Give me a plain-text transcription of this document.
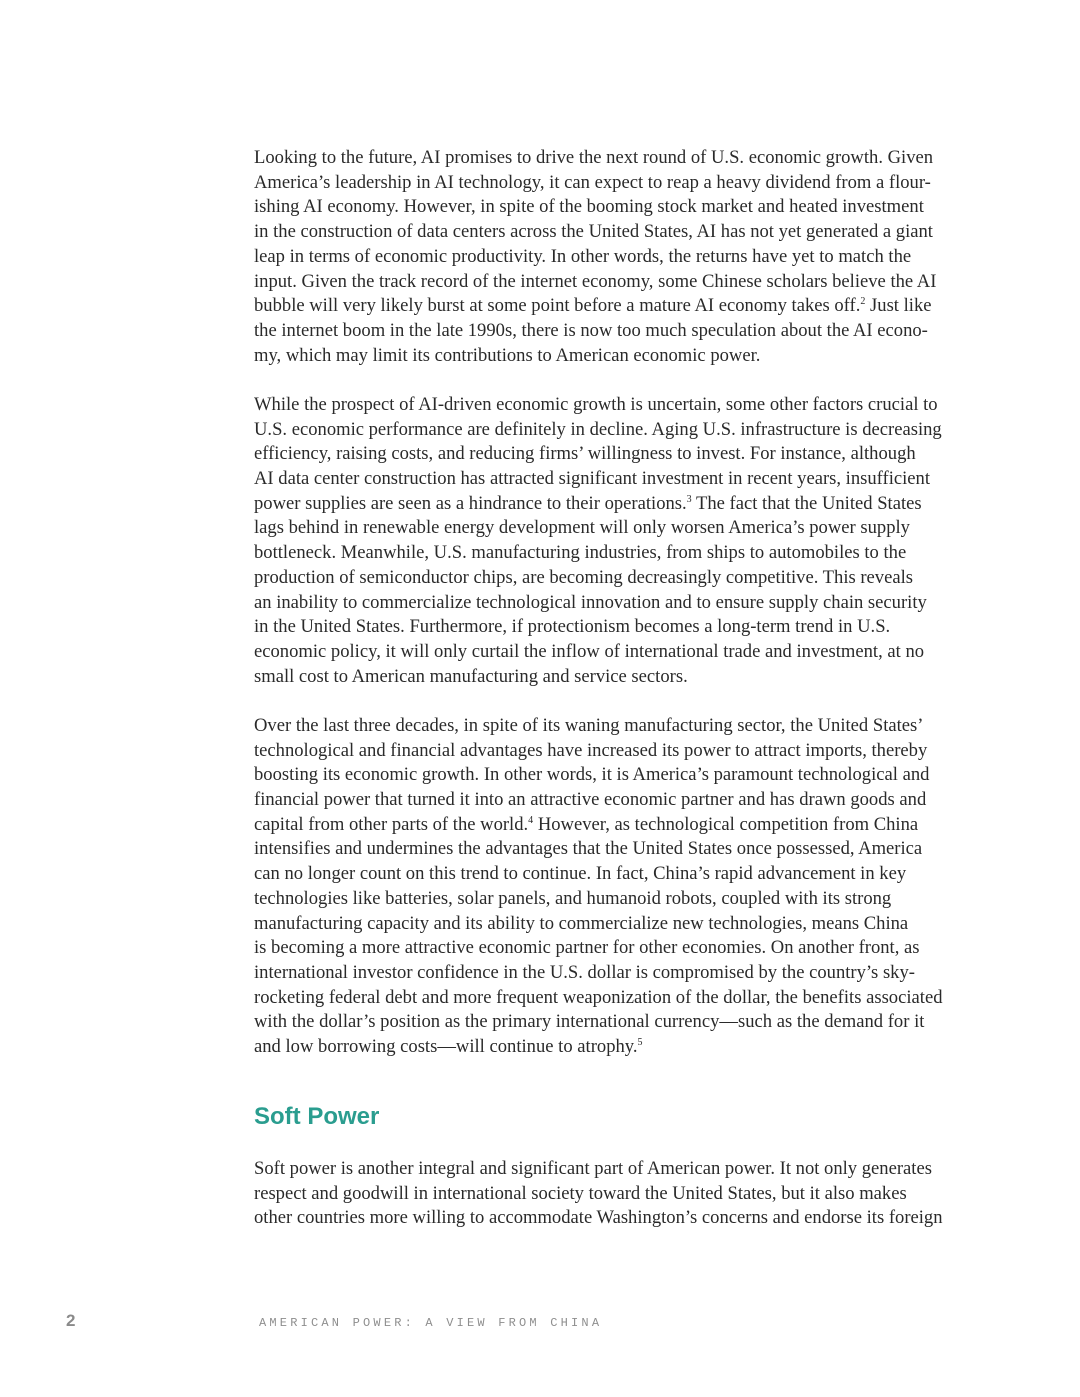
Looking to the future, AI promises to drive the next round of U.S. economic growth. Given
America’s leadership in AI technology, it can expect to reap a heavy dividend from a flour-
ishing AI economy. However, in spite of the booming stock market and heated investment
in the construction of data centers across the United States, AI has not yet generated a giant
leap in terms of economic productivity. In other words, the returns have yet to match the
input. Given the track record of the internet economy, some Chinese scholars believe the AI
bubble will very likely burst at some point before a mature AI economy takes off.$^2$ Just like
the internet boom in the late 1990s, there is now too much speculation about the AI econo-
my, which may limit its contributions to American economic power.

While the prospect of AI-driven economic growth is uncertain, some other factors crucial to
U.S. economic performance are definitely in decline. Aging U.S. infrastructure is decreasing
efficiency, raising costs, and reducing firms’ willingness to invest. For instance, although
AI data center construction has attracted significant investment in recent years, insufficient
power supplies are seen as a hindrance to their operations.$^3$ The fact that the United States
lags behind in renewable energy development will only worsen America’s power supply
bottleneck. Meanwhile, U.S. manufacturing industries, from ships to automobiles to the
production of semiconductor chips, are becoming decreasingly competitive. This reveals
an inability to commercialize technological innovation and to ensure supply chain security
in the United States. Furthermore, if protectionism becomes a long-term trend in U.S.
economic policy, it will only curtail the inflow of international trade and investment, at no
small cost to American manufacturing and service sectors.

Over the last three decades, in spite of its waning manufacturing sector, the United States’
technological and financial advantages have increased its power to attract imports, thereby
boosting its economic growth. In other words, it is America’s paramount technological and
financial power that turned it into an attractive economic partner and has drawn goods and
capital from other parts of the world.$^4$ However, as technological competition from China
intensifies and undermines the advantages that the United States once possessed, America
can no longer count on this trend to continue. In fact, China’s rapid advancement in key
technologies like batteries, solar panels, and humanoid robots, coupled with its strong
manufacturing capacity and its ability to commercialize new technologies, means China
is becoming a more attractive economic partner for other economies. On another front, as
international investor confidence in the U.S. dollar is compromised by the country’s sky-
rocketing federal debt and more frequent weaponization of the dollar, the benefits associated
with the dollar’s position as the primary international currency—such as the demand for it
and low borrowing costs—will continue to atrophy.$^5$

Soft Power

Soft power is another integral and significant part of American power. It not only generates
respect and goodwill in international society toward the United States, but it also makes
other countries more willing to accommodate Washington’s concerns and endorse its foreign

2	AMERICAN POWER: A VIEW FROM CHINA
